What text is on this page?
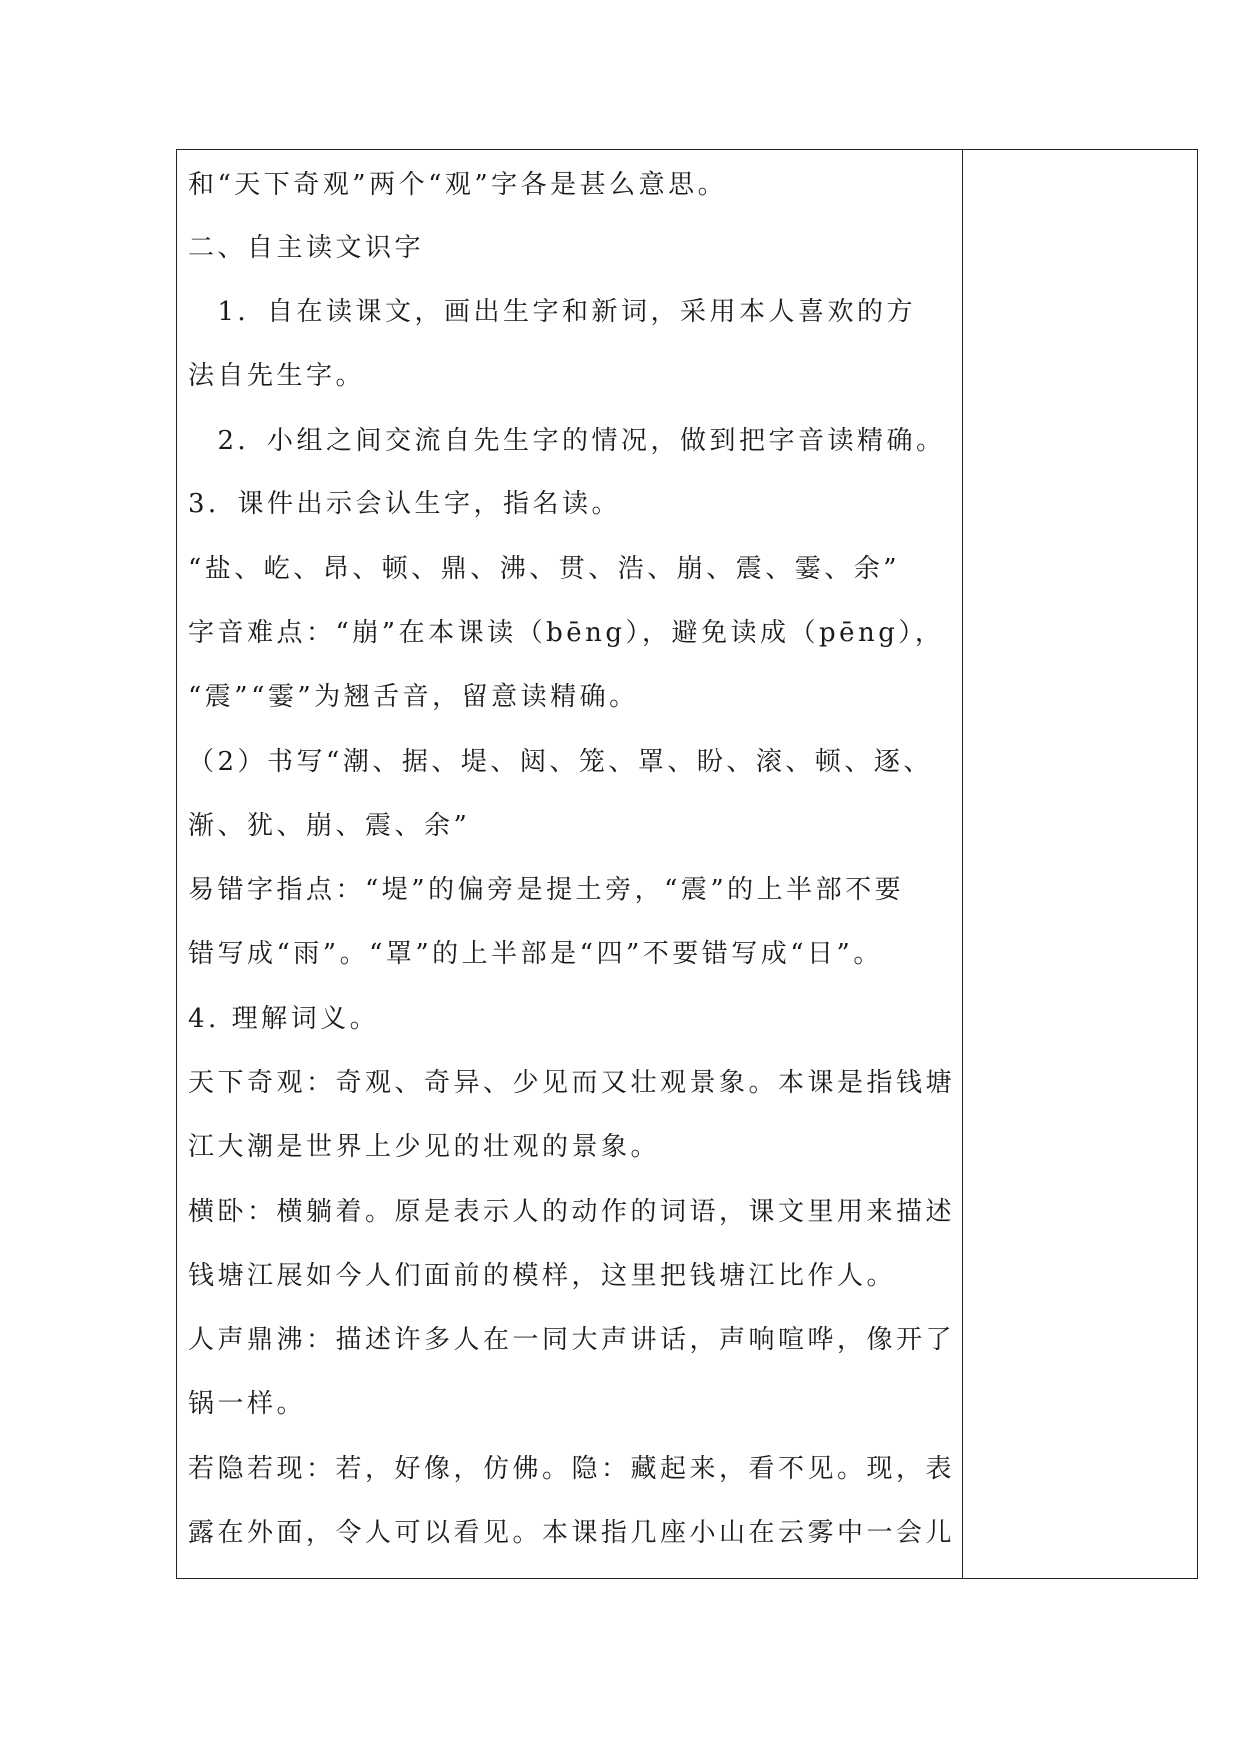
和“天下奇观”两个“观”字各是甚么意思。
二、自主读文识字
　1．自在读课文，画出生字和新词，采用本人喜欢的方
法自先生字。
　2．小组之间交流自先生字的情况，做到把字音读精确。
3．课件出示会认生字，指名读。
“盐、屹、昂、顿、鼎、沸、贯、浩、崩、震、霎、余”
字音难点：“崩”在本课读（bēng），避免读成（pēng），
“震”“霎”为翘舌音，留意读精确。
（2）书写“潮、据、堤、闼、笼、罩、盼、滚、顿、逐、
渐、犹、崩、震、余”
易错字指点：“堤”的偏旁是提土旁，“震”的上半部不要
错写成“雨”。“罩”的上半部是“四”不要错写成“日”。
4. 理解词义。
天下奇观：奇观、奇异、少见而又壮观景象。本课是指钱塘
江大潮是世界上少见的壮观的景象。
横卧：横躺着。原是表示人的动作的词语，课文里用来描述
钱塘江展如今人们面前的模样，这里把钱塘江比作人。
人声鼎沸：描述许多人在一同大声讲话，声响喧哗，像开了
锅一样。
若隐若现：若，好像，仿佛。隐：藏起来，看不见。现，表
露在外面，令人可以看见。本课指几座小山在云雾中一会儿
